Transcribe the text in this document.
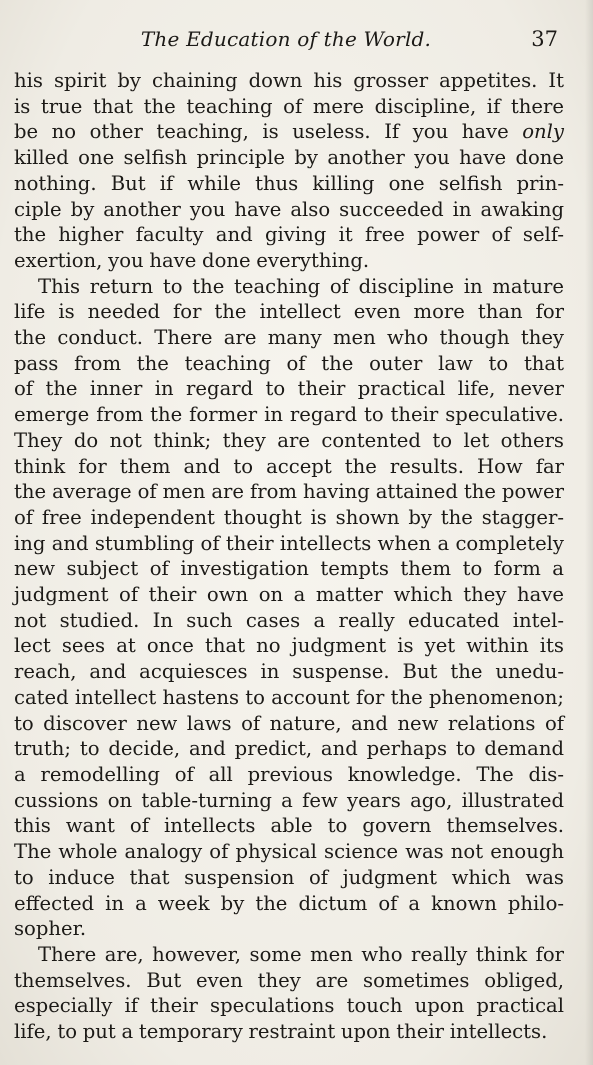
The Education of the World.	37
his spirit by chaining down his grosser appetites. It
is true that the teaching of mere discipline, if there
be no other teaching, is useless. If you have only
killed one selfish principle by another you have done
nothing. But if while thus killing one selfish prin-
ciple by another you have also succeeded in awaking
the higher faculty and giving it free power of self-
exertion, you have done everything.
This return to the teaching of discipline in mature
life is needed for the intellect even more than for
the conduct. There are many men who though they
pass from the teaching of the outer law to that
of the inner in regard to their practical life, never
emerge from the former in regard to their speculative.
They do not think; they are contented to let others
think for them and to accept the results. How far
the average of men are from having attained the power
of free independent thought is shown by the stagger-
ing and stumbling of their intellects when a completely
new subject of investigation tempts them to form a
judgment of their own on a matter which they have
not studied. In such cases a really educated intel-
lect sees at once that no judgment is yet within its
reach, and acquiesces in suspense. But the unedu-
cated intellect hastens to account for the phenomenon;
to discover new laws of nature, and new relations of
truth; to decide, and predict, and perhaps to demand
a remodelling of all previous knowledge. The dis-
cussions on table-turning a few years ago, illustrated
this want of intellects able to govern themselves.
The whole analogy of physical science was not enough
to induce that suspension of judgment which was
effected in a week by the dictum of a known philo-
sopher.
There are, however, some men who really think for
themselves. But even they are sometimes obliged,
especially if their speculations touch upon practical
life, to put a temporary restraint upon their intellects.
